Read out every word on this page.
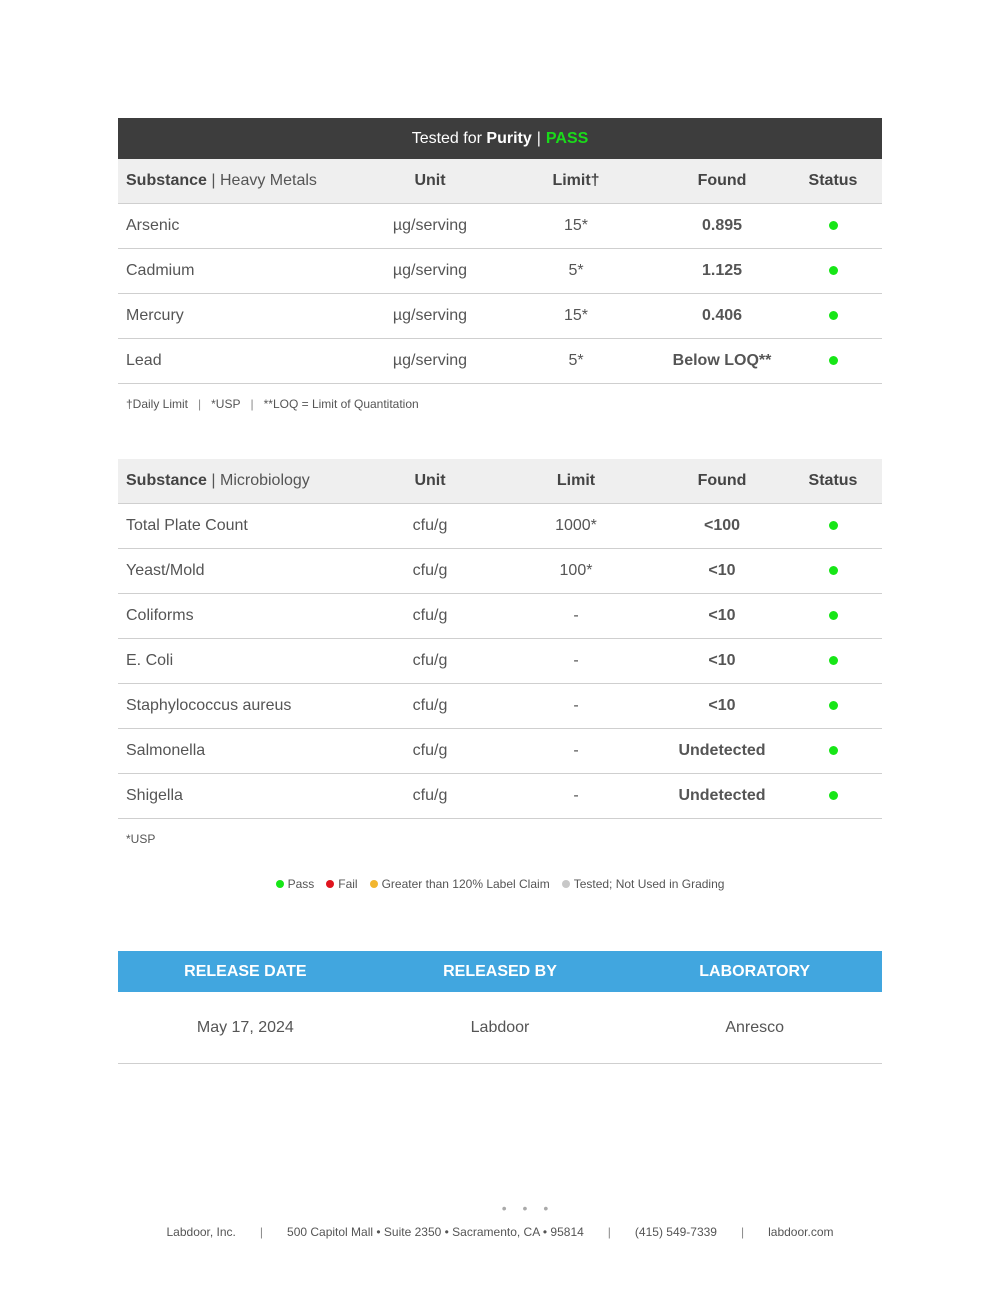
Tested for
Purity | PASS
Substance | Heavy Metals	Unit	Limit†	Found	Status
Arsenic	µg/serving	15*	0.895	
Cadmium	µg/serving	5*	1.125	
Mercury	µg/serving	15*	0.406	
Lead	µg/serving	5*	Below LOQ**	
†Daily Limit | *USP | **LOQ = Limit of Quantitation
Substance | Microbiology	Unit	Limit	Found	Status
Total Plate Count	cfu/g	1000*	<100	
Yeast/Mold	cfu/g	100*	<10	
Coliforms	cfu/g	-	<10	
E. Coli	cfu/g	-	<10	
Staphylococcus aureus	cfu/g	-	<10	
Salmonella	cfu/g	-	Undetected	
Shigella	cfu/g	-	Undetected	
*USP
Pass Fail Greater than 120% Label Claim Tested; Not Used in Grading
RELEASE DATE	RELEASED BY	LABORATORY
May 17, 2024	Labdoor	Anresco
• • •
Labdoor, Inc. | 500 Capitol Mall • Suite 2350 • Sacramento, CA • 95814 | (415) 549-7339 | labdoor.com
